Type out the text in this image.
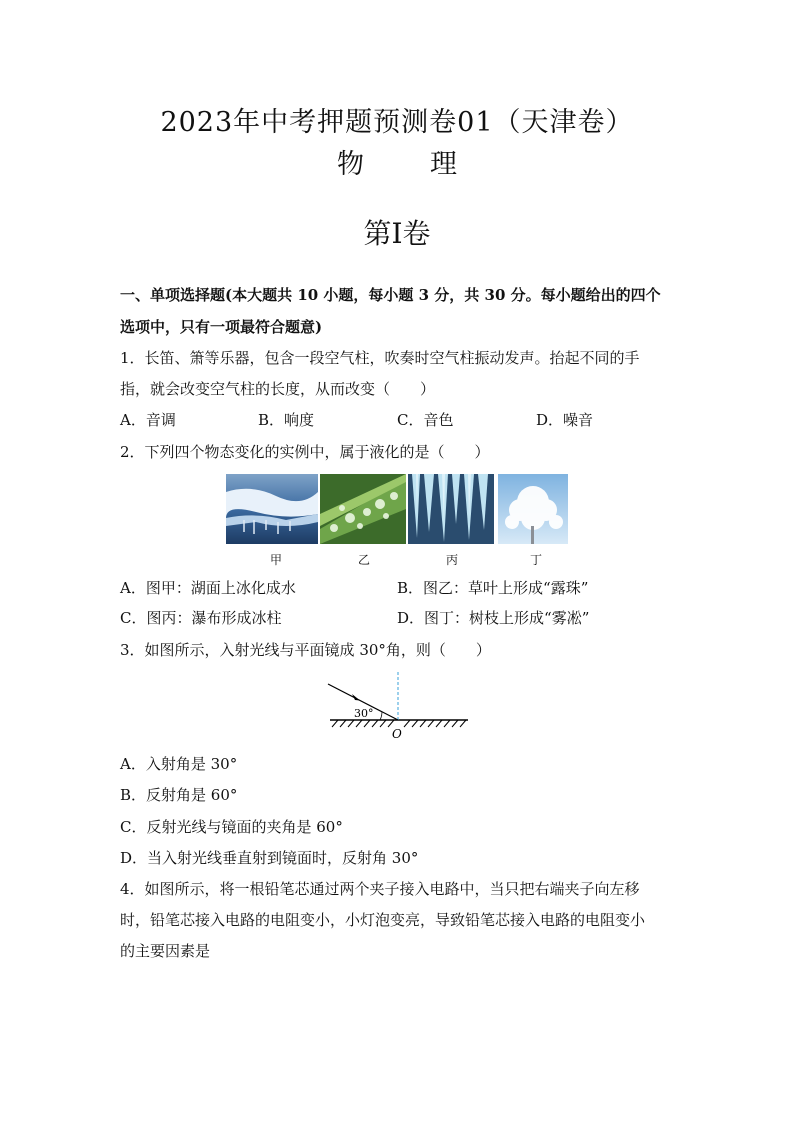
2023年中考押题预测卷01（天津卷）
物 理
第Ⅰ卷
一、单项选择题(本大题共 10 小题，每小题 3 分，共 30 分。每小题给出的四个
选项中，只有一项最符合题意)
1．长笛、箫等乐器，包含一段空气柱，吹奏时空气柱振动发声。抬起不同的手
指，就会改变空气柱的长度，从而改变（　　）
A．音调	B．响度	C．音色	D．噪音
2．下列四个物态变化的实例中，属于液化的是（　　）
甲	乙	丙	丁
A．图甲：湖面上冰化成水	B．图乙：草叶上形成“露珠”
C．图丙：瀑布形成冰柱	D．图丁：树枝上形成“雾凇”
3．如图所示，入射光线与平面镜成 30°角，则（　　）
30°
O
A．入射角是 30°
B．反射角是 60°
C．反射光线与镜面的夹角是 60°
D．当入射光线垂直射到镜面时，反射角 30°
4．如图所示，将一根铅笔芯通过两个夹子接入电路中，当只把右端夹子向左移
时，铅笔芯接入电路的电阻变小，小灯泡变亮，导致铅笔芯接入电路的电阻变小
的主要因素是
